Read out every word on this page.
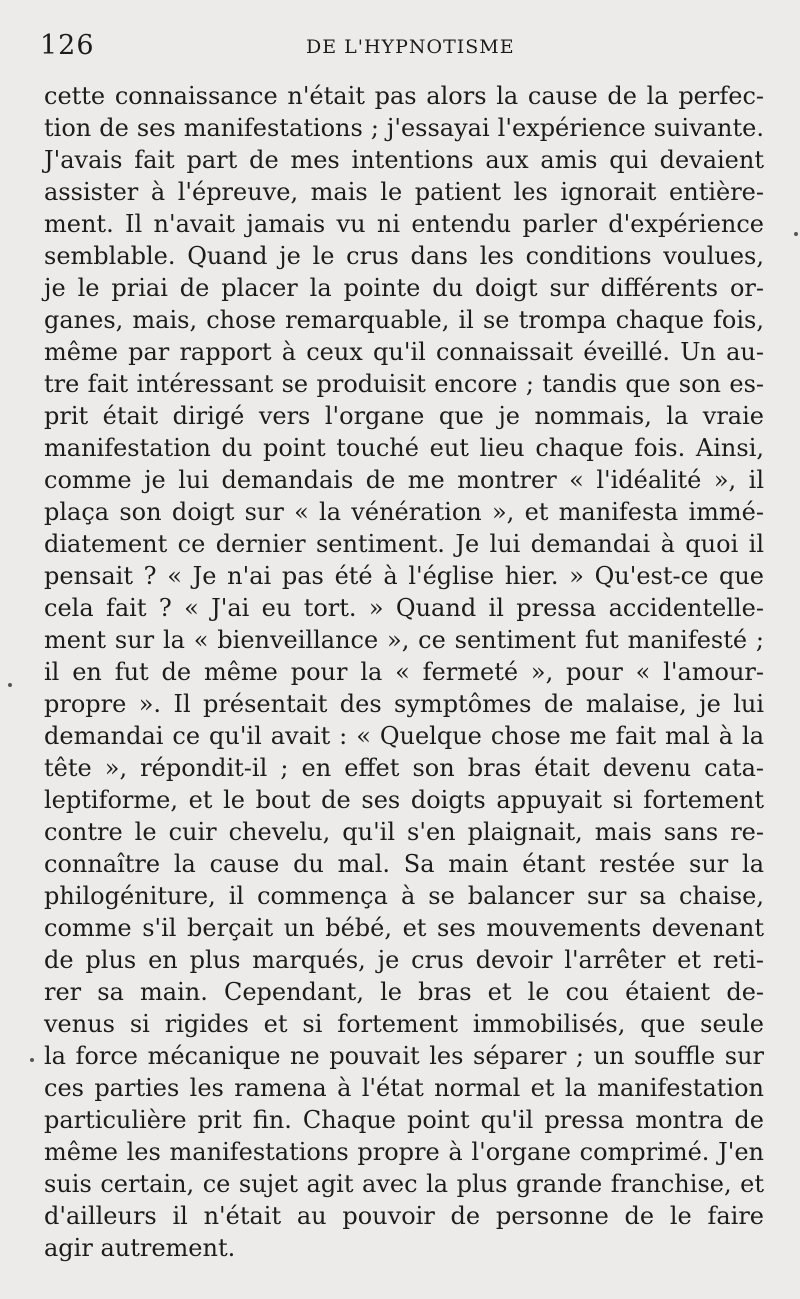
126	DE L'HYPNOTISME
cette connaissance n'était pas alors la cause de la perfec-
tion de ses manifestations ; j'essayai l'expérience suivante.
J'avais fait part de mes intentions aux amis qui devaient
assister à l'épreuve, mais le patient les ignorait entière-
ment. Il n'avait jamais vu ni entendu parler d'expérience
semblable. Quand je le crus dans les conditions voulues,
je le priai de placer la pointe du doigt sur différents or-
ganes, mais, chose remarquable, il se trompa chaque fois,
même par rapport à ceux qu'il connaissait éveillé. Un au-
tre fait intéressant se produisit encore ; tandis que son es-
prit était dirigé vers l'organe que je nommais, la vraie
manifestation du point touché eut lieu chaque fois. Ainsi,
comme je lui demandais de me montrer « l'idéalité », il
plaça son doigt sur « la vénération », et manifesta immé-
diatement ce dernier sentiment. Je lui demandai à quoi il
pensait ? « Je n'ai pas été à l'église hier. » Qu'est-ce que
cela fait ? « J'ai eu tort. » Quand il pressa accidentelle-
ment sur la « bienveillance », ce sentiment fut manifesté ;
il en fut de même pour la « fermeté », pour « l'amour-
propre ». Il présentait des symptômes de malaise, je lui
demandai ce qu'il avait : « Quelque chose me fait mal à la
tête », répondit-il ; en effet son bras était devenu cata-
leptiforme, et le bout de ses doigts appuyait si fortement
contre le cuir chevelu, qu'il s'en plaignait, mais sans re-
connaître la cause du mal. Sa main étant restée sur la
philogéniture, il commença à se balancer sur sa chaise,
comme s'il berçait un bébé, et ses mouvements devenant
de plus en plus marqués, je crus devoir l'arrêter et reti-
rer sa main. Cependant, le bras et le cou étaient de-
venus si rigides et si fortement immobilisés, que seule
la force mécanique ne pouvait les séparer ; un souffle sur
ces parties les ramena à l'état normal et la manifestation
particulière prit fin. Chaque point qu'il pressa montra de
même les manifestations propre à l'organe comprimé. J'en
suis certain, ce sujet agit avec la plus grande franchise, et
d'ailleurs il n'était au pouvoir de personne de le faire
agir autrement.
